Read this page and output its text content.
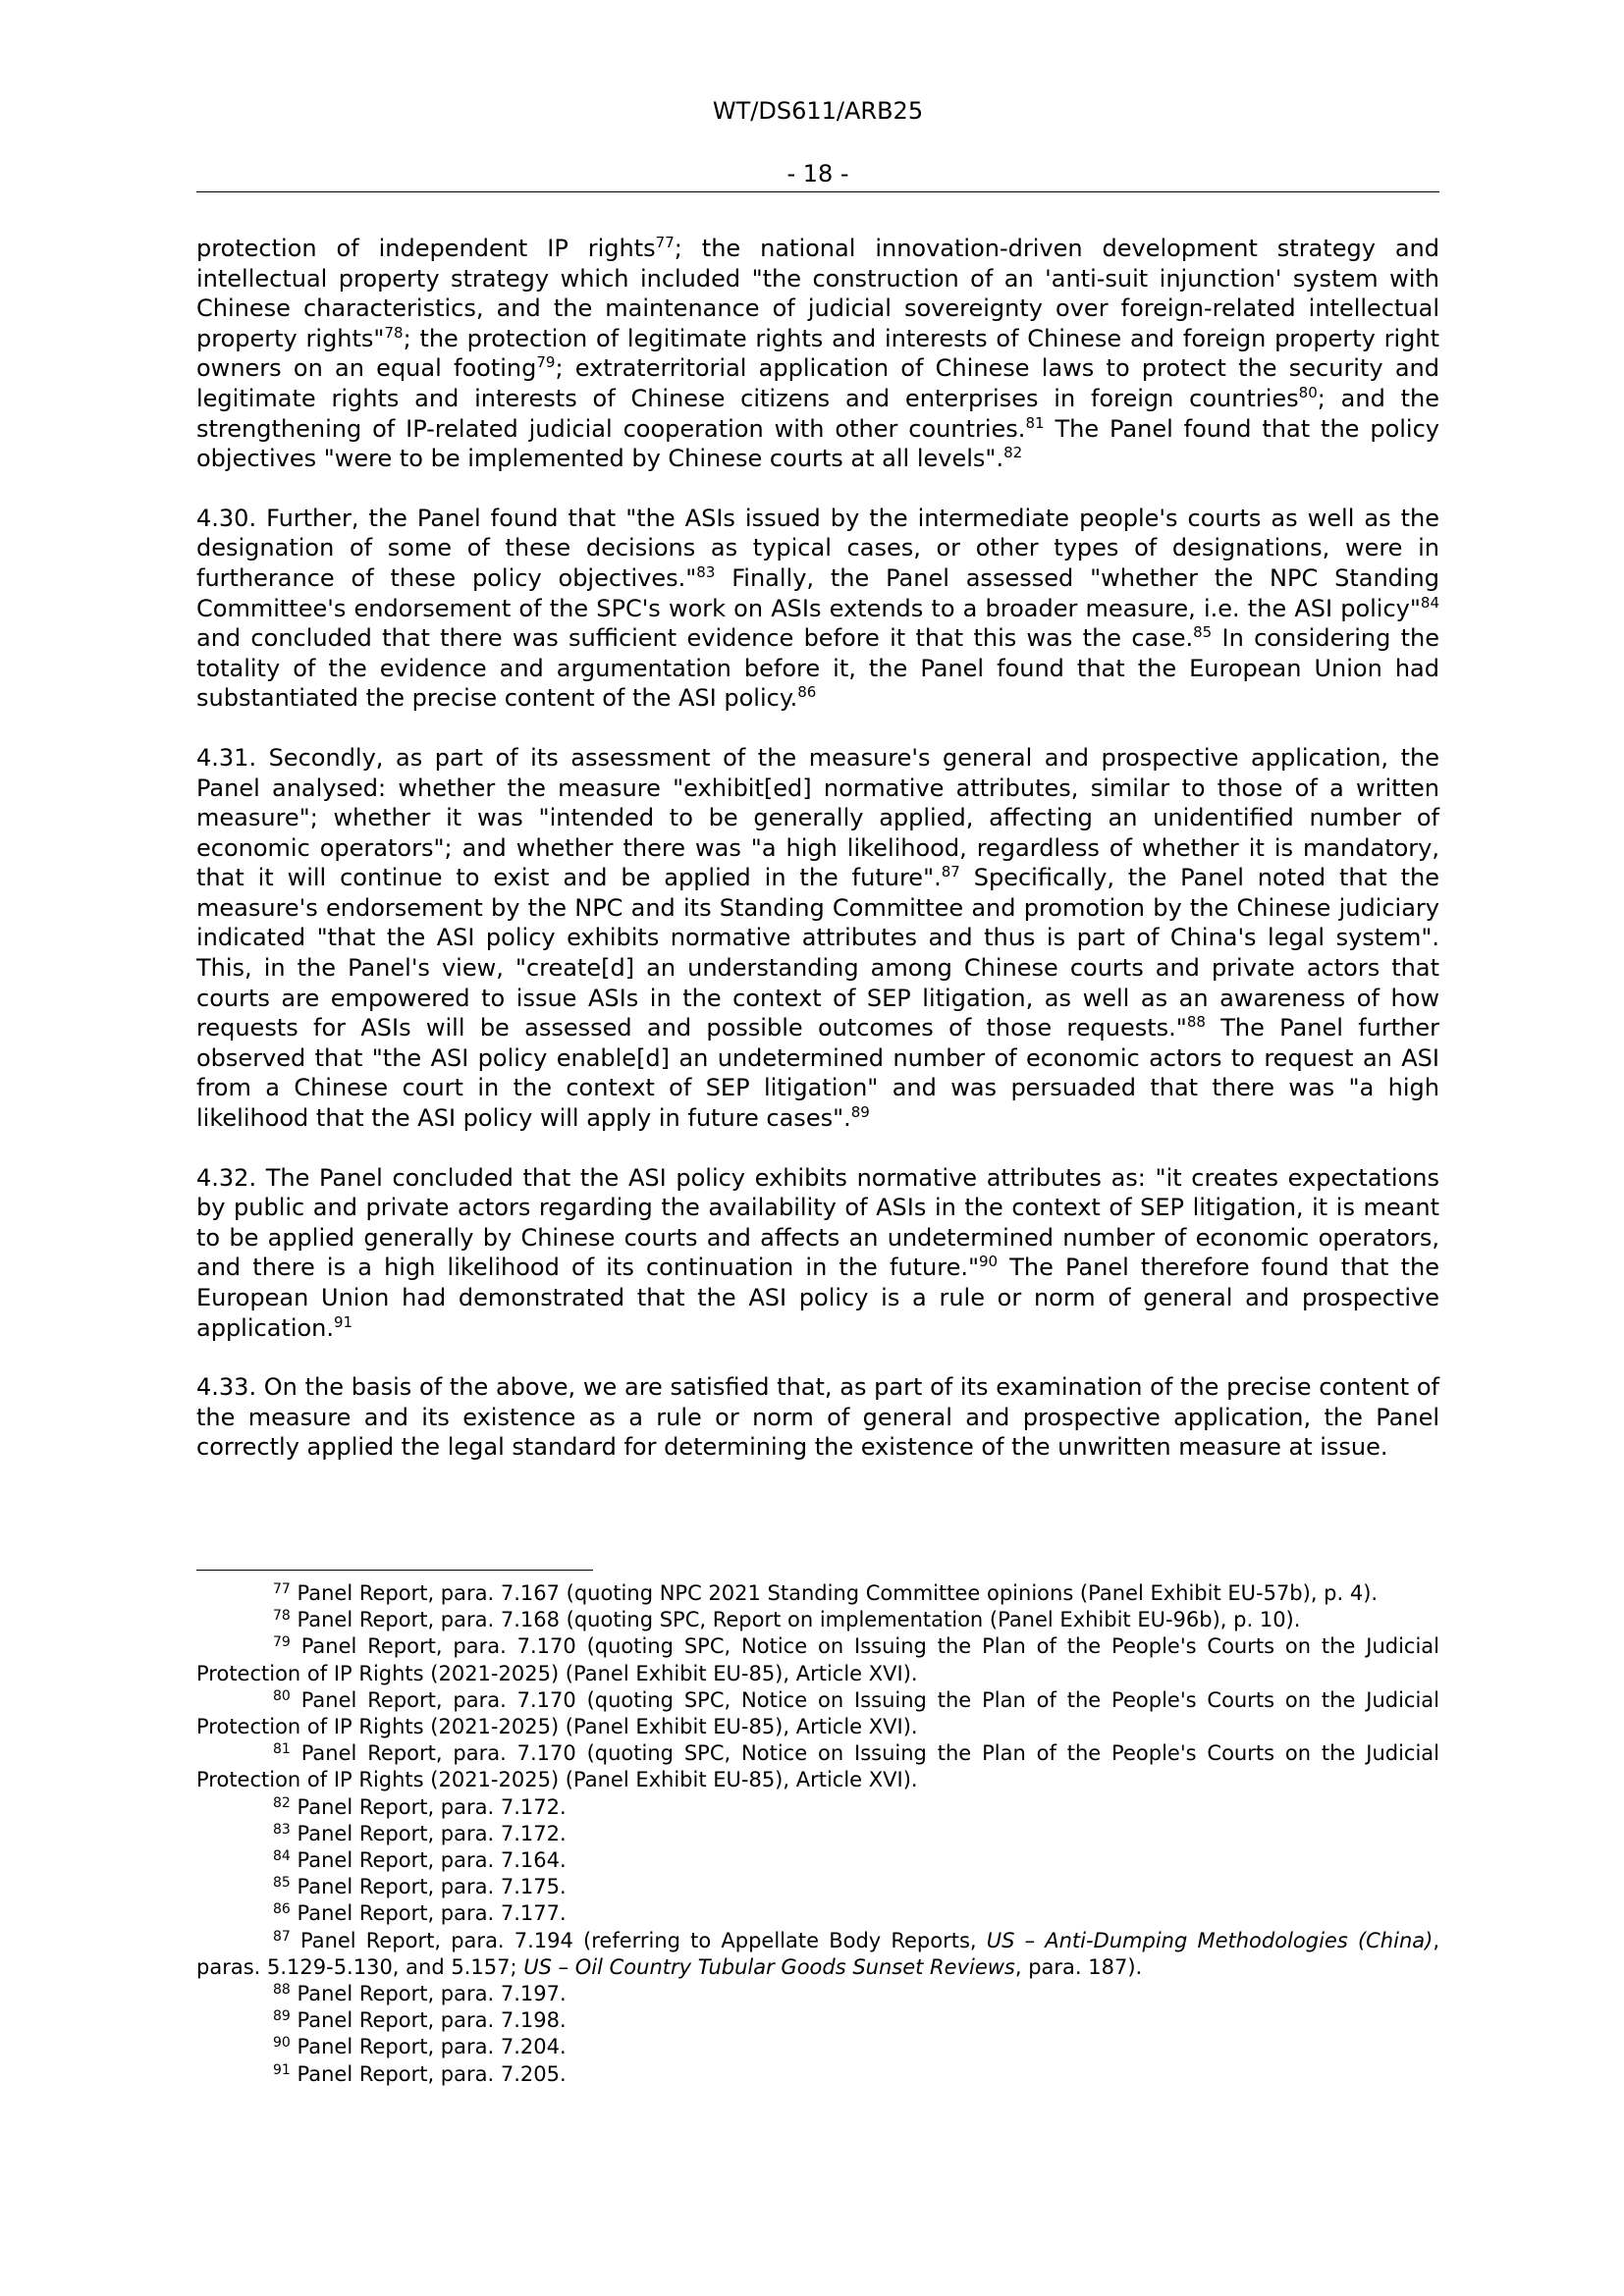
WT/DS611/ARB25
- 18 -

protection of independent IP rights$^{77}$; the national innovation-driven development strategy and intellectual property strategy which included "the construction of an 'anti-suit injunction' system with Chinese characteristics, and the maintenance of judicial sovereignty over foreign-related intellectual property rights"$^{78}$; the protection of legitimate rights and interests of Chinese and foreign property right owners on an equal footing$^{79}$; extraterritorial application of Chinese laws to protect the security and legitimate rights and interests of Chinese citizens and enterprises in foreign countries$^{80}$; and the strengthening of IP-related judicial cooperation with other countries.$^{81}$ The Panel found that the policy objectives "were to be implemented by Chinese courts at all levels".$^{82}$

4.30. Further, the Panel found that "the ASIs issued by the intermediate people's courts as well as the designation of some of these decisions as typical cases, or other types of designations, were in furtherance of these policy objectives."$^{83}$ Finally, the Panel assessed "whether the NPC Standing Committee's endorsement of the SPC's work on ASIs extends to a broader measure, i.e. the ASI policy"$^{84}$ and concluded that there was sufficient evidence before it that this was the case.$^{85}$ In considering the totality of the evidence and argumentation before it, the Panel found that the European Union had substantiated the precise content of the ASI policy.$^{86}$

4.31. Secondly, as part of its assessment of the measure's general and prospective application, the Panel analysed: whether the measure "exhibit[ed] normative attributes, similar to those of a written measure"; whether it was "intended to be generally applied, affecting an unidentified number of economic operators"; and whether there was "a high likelihood, regardless of whether it is mandatory, that it will continue to exist and be applied in the future".$^{87}$ Specifically, the Panel noted that the measure's endorsement by the NPC and its Standing Committee and promotion by the Chinese judiciary indicated "that the ASI policy exhibits normative attributes and thus is part of China's legal system". This, in the Panel's view, "create[d] an understanding among Chinese courts and private actors that courts are empowered to issue ASIs in the context of SEP litigation, as well as an awareness of how requests for ASIs will be assessed and possible outcomes of those requests."$^{88}$ The Panel further observed that "the ASI policy enable[d] an undetermined number of economic actors to request an ASI from a Chinese court in the context of SEP litigation" and was persuaded that there was "a high likelihood that the ASI policy will apply in future cases".$^{89}$

4.32. The Panel concluded that the ASI policy exhibits normative attributes as: "it creates expectations by public and private actors regarding the availability of ASIs in the context of SEP litigation, it is meant to be applied generally by Chinese courts and affects an undetermined number of economic operators, and there is a high likelihood of its continuation in the future."$^{90}$ The Panel therefore found that the European Union had demonstrated that the ASI policy is a rule or norm of general and prospective application.$^{91}$

4.33. On the basis of the above, we are satisfied that, as part of its examination of the precise content of the measure and its existence as a rule or norm of general and prospective application, the Panel correctly applied the legal standard for determining the existence of the unwritten measure at issue.

$^{77}$ Panel Report, para. 7.167 (quoting NPC 2021 Standing Committee opinions (Panel Exhibit EU-57b), p. 4).

$^{78}$ Panel Report, para. 7.168 (quoting SPC, Report on implementation (Panel Exhibit EU-96b), p. 10).

$^{79}$ Panel Report, para. 7.170 (quoting SPC, Notice on Issuing the Plan of the People's Courts on the Judicial Protection of IP Rights (2021-2025) (Panel Exhibit EU-85), Article XVI).

$^{80}$ Panel Report, para. 7.170 (quoting SPC, Notice on Issuing the Plan of the People's Courts on the Judicial Protection of IP Rights (2021-2025) (Panel Exhibit EU-85), Article XVI).

$^{81}$ Panel Report, para. 7.170 (quoting SPC, Notice on Issuing the Plan of the People's Courts on the Judicial Protection of IP Rights (2021-2025) (Panel Exhibit EU-85), Article XVI).

$^{82}$ Panel Report, para. 7.172.

$^{83}$ Panel Report, para. 7.172.

$^{84}$ Panel Report, para. 7.164.

$^{85}$ Panel Report, para. 7.175.

$^{86}$ Panel Report, para. 7.177.

$^{87}$ Panel Report, para. 7.194 (referring to Appellate Body Reports, US – Anti-Dumping Methodologies (China), paras. 5.129-5.130, and 5.157; US – Oil Country Tubular Goods Sunset Reviews, para. 187).

$^{88}$ Panel Report, para. 7.197.

$^{89}$ Panel Report, para. 7.198.

$^{90}$ Panel Report, para. 7.204.

$^{91}$ Panel Report, para. 7.205.
